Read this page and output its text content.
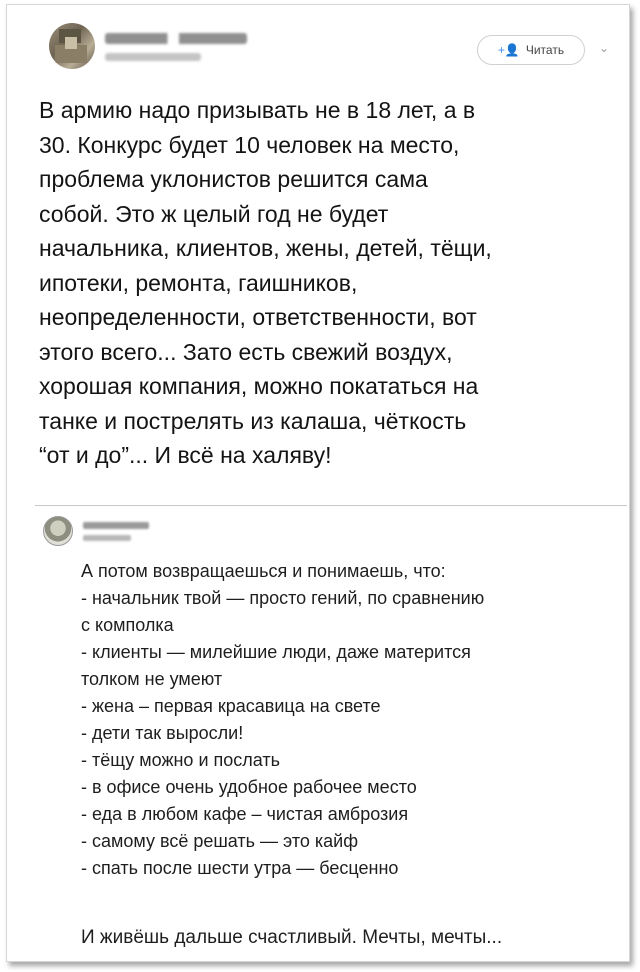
+👤 Читать	⌄
В армию надо призывать не в 18 лет, а в
30. Конкурс будет 10 человек на место,
проблема уклонистов решится сама
собой. Это ж целый год не будет
начальника, клиентов, жены, детей, тёщи,
ипотеки, ремонта, гаишников,
неопределенности, ответственности, вот
этого всего... Зато есть свежий воздух,
хорошая компания, можно покататься на
танке и пострелять из калаша, чёткость
“от и до”... И всё на халяву!
А потом возвращаешься и понимаешь, что:
- начальник твой — просто гений, по сравнению
с комполка
- клиенты — милейшие люди, даже матерится
толком не умеют
- жена – первая красавица на свете
- дети так выросли!
- тёщу можно и послать
- в офисе очень удобное рабочее место
- еда в любом кафе – чистая амброзия
- самому всё решать — это кайф
- спать после шести утра — бесценно
И живёшь дальше счастливый. Мечты, мечты...
